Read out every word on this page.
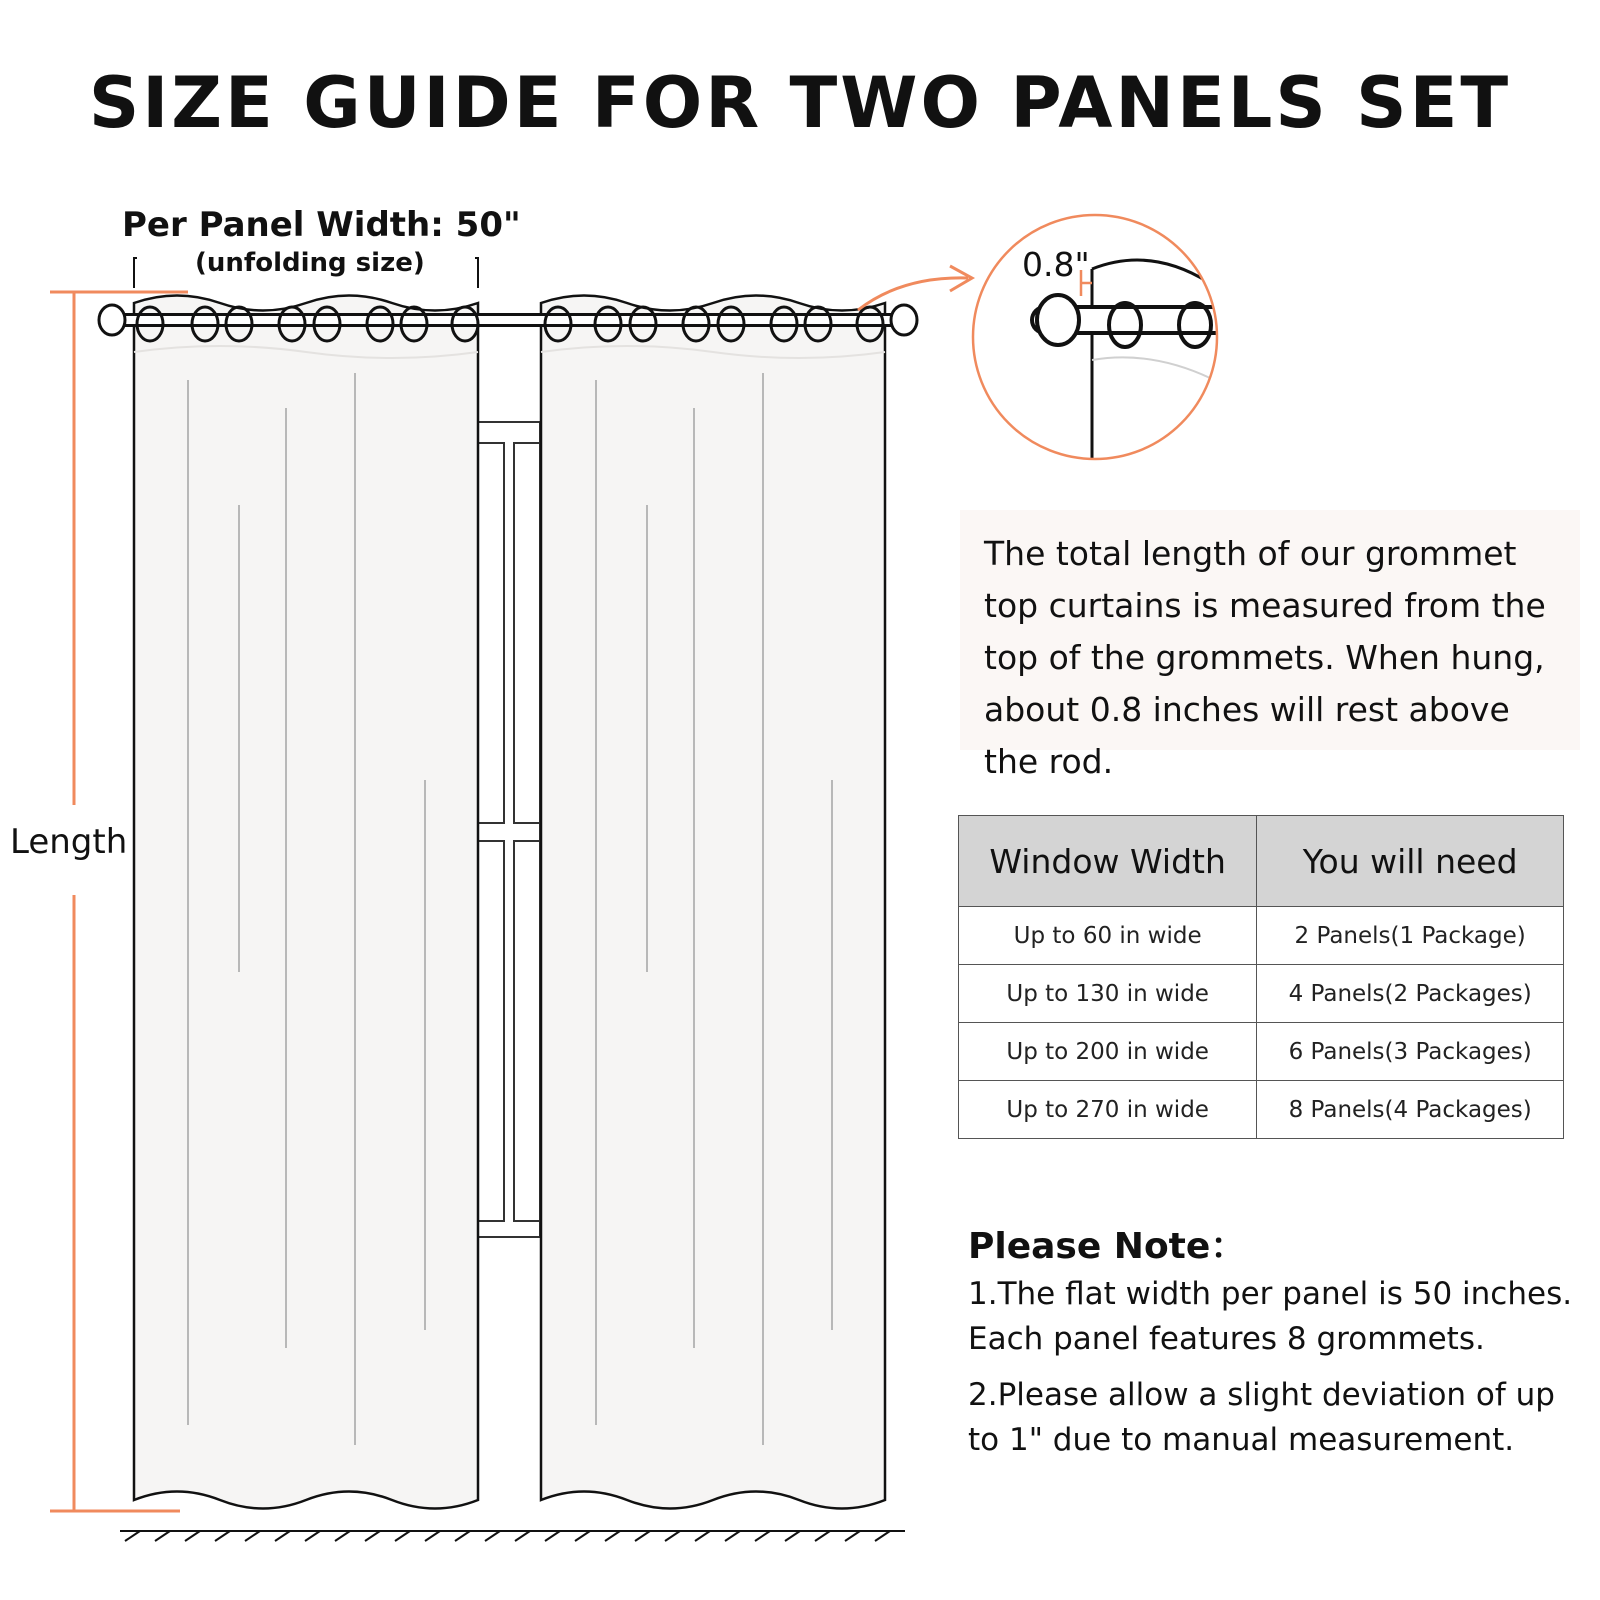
SIZE GUIDE FOR TWO PANELS SET
Per Panel Width: 50"
(unfolding size)
Length
0.8"

The total length of our grommet top curtains is measured from the top of the grommets. When hung, about 0.8 inches will rest above the rod.

Window Width	You will need
Up to 60 in wide	2 Panels(1 Package)
Up to 130 in wide	4 Panels(2 Packages)
Up to 200 in wide	6 Panels(3 Packages)
Up to 270 in wide	8 Panels(4 Packages)
Please Note：

1.The flat width per panel is 50 inches. Each panel features 8 grommets.

2.Please allow a slight deviation of up to 1" due to manual measurement.
